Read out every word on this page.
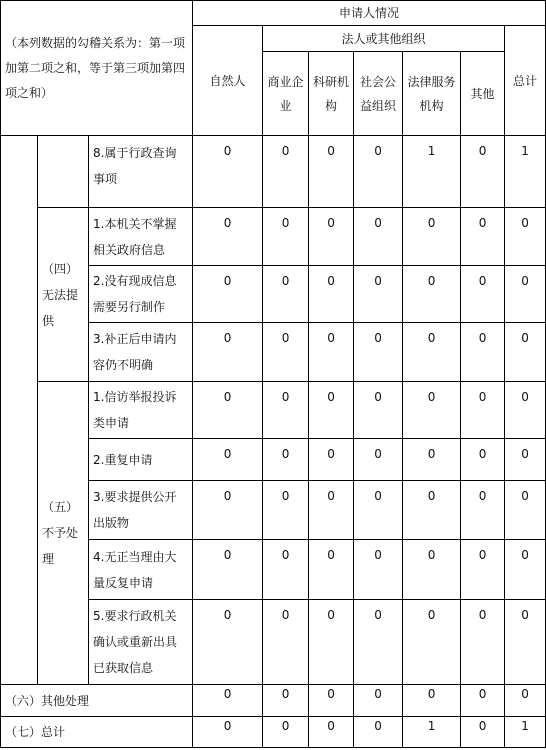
（本列数据的勾稽关系为：第一项加第二项之和，等于第三项加第四项之和）			申请人情况						
			自然人	法人或其他组织					总计
				商业企业	科研机构	社会公益组织	法律服务机构	其他	
		8.属于行政查询事项	0	0	0	0	1	0	1
	（四）无法提供	1.本机关不掌握相关政府信息	0	0	0	0	0	0	0
		2.没有现成信息需要另行制作	0	0	0	0	0	0	0
		3.补正后申请内容仍不明确	0	0	0	0	0	0	0
	（五）不予处理	1.信访举报投诉类申请	0	0	0	0	0	0	0
		2.重复申请	0	0	0	0	0	0	0
		3.要求提供公开出版物	0	0	0	0	0	0	0
		4.无正当理由大量反复申请	0	0	0	0	0	0	0
		5.要求行政机关确认或重新出具已获取信息	0	0	0	0	0	0	0
（六）其他处理			0	0	0	0	0	0	0
（七）总计			0	0	0	0	1	0	1
